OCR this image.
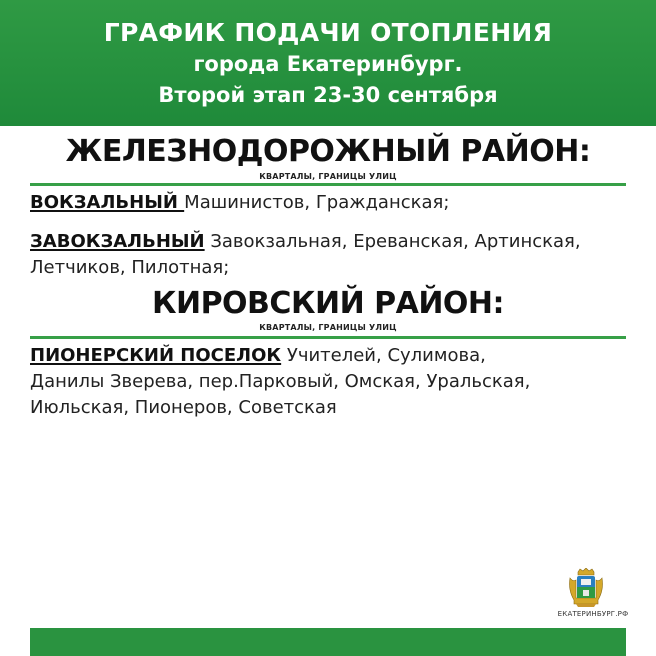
ГРАФИК ПОДАЧИ ОТОПЛЕНИЯ
города Екатеринбург.
Второй этап 23-30 сентября
ЖЕЛЕЗНОДОРОЖНЫЙ РАЙОН:
КВАРТАЛЫ, ГРАНИЦЫ УЛИЦ
ВОКЗАЛЬНЫЙ Машинистов, Гражданская;
ЗАВОКЗАЛЬНЫЙ Завокзальная, Ереванская, Артинская, Летчиков, Пилотная;
КИРОВСКИЙ РАЙОН:
КВАРТАЛЫ, ГРАНИЦЫ УЛИЦ
ПИОНЕРСКИЙ ПОСЕЛОК Учителей, Сулимова, Данилы Зверева, пер.Парковый, Омская, Уральская, Июльская, Пионеров, Советская
ЕКАТЕРИНБУРГ.РФ
